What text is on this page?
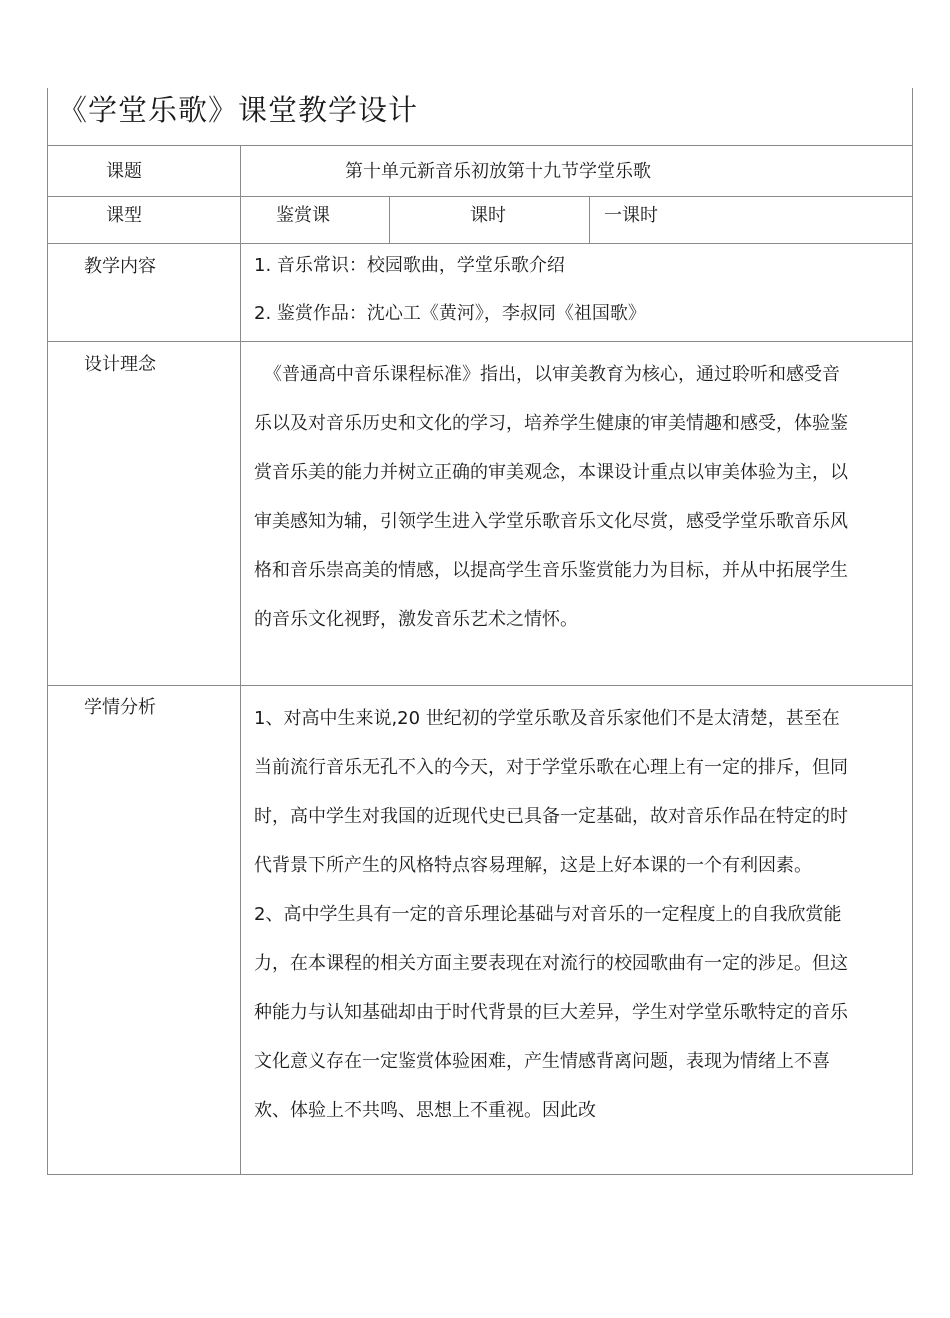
《学堂乐歌》课堂教学设计
课题	第十单元新音乐初放第十九节学堂乐歌
课型	鉴赏课	课时	一课时
教学内容	1. 音乐常识：校园歌曲，学堂乐歌介绍
2. 鉴赏作品：沈心工《黄河》，李叔同《祖国歌》
设计理念	《普通高中音乐课程标准》指出，以审美教育为核心，通过聆听和感受音
乐以及对音乐历史和文化的学习，培养学生健康的审美情趣和感受，体验鉴
赏音乐美的能力并树立正确的审美观念，本课设计重点以审美体验为主，以
审美感知为辅，引领学生进入学堂乐歌音乐文化尽赏，感受学堂乐歌音乐风
格和音乐崇高美的情感，以提高学生音乐鉴赏能力为目标，并从中拓展学生
的音乐文化视野，激发音乐艺术之情怀。
学情分析
1、对高中生来说,20 世纪初的学堂乐歌及音乐家他们不是太清楚，甚至在
当前流行音乐无孔不入的今天，对于学堂乐歌在心理上有一定的排斥，但同
时，高中学生对我国的近现代史已具备一定基础，故对音乐作品在特定的时
代背景下所产生的风格特点容易理解，这是上好本课的一个有利因素。
2、高中学生具有一定的音乐理论基础与对音乐的一定程度上的自我欣赏能
力，在本课程的相关方面主要表现在对流行的校园歌曲有一定的涉足。但这
种能力与认知基础却由于时代背景的巨大差异，学生对学堂乐歌特定的音乐
文化意义存在一定鉴赏体验困难，产生情感背离问题，表现为情绪上不喜
欢、体验上不共鸣、思想上不重视。因此改
